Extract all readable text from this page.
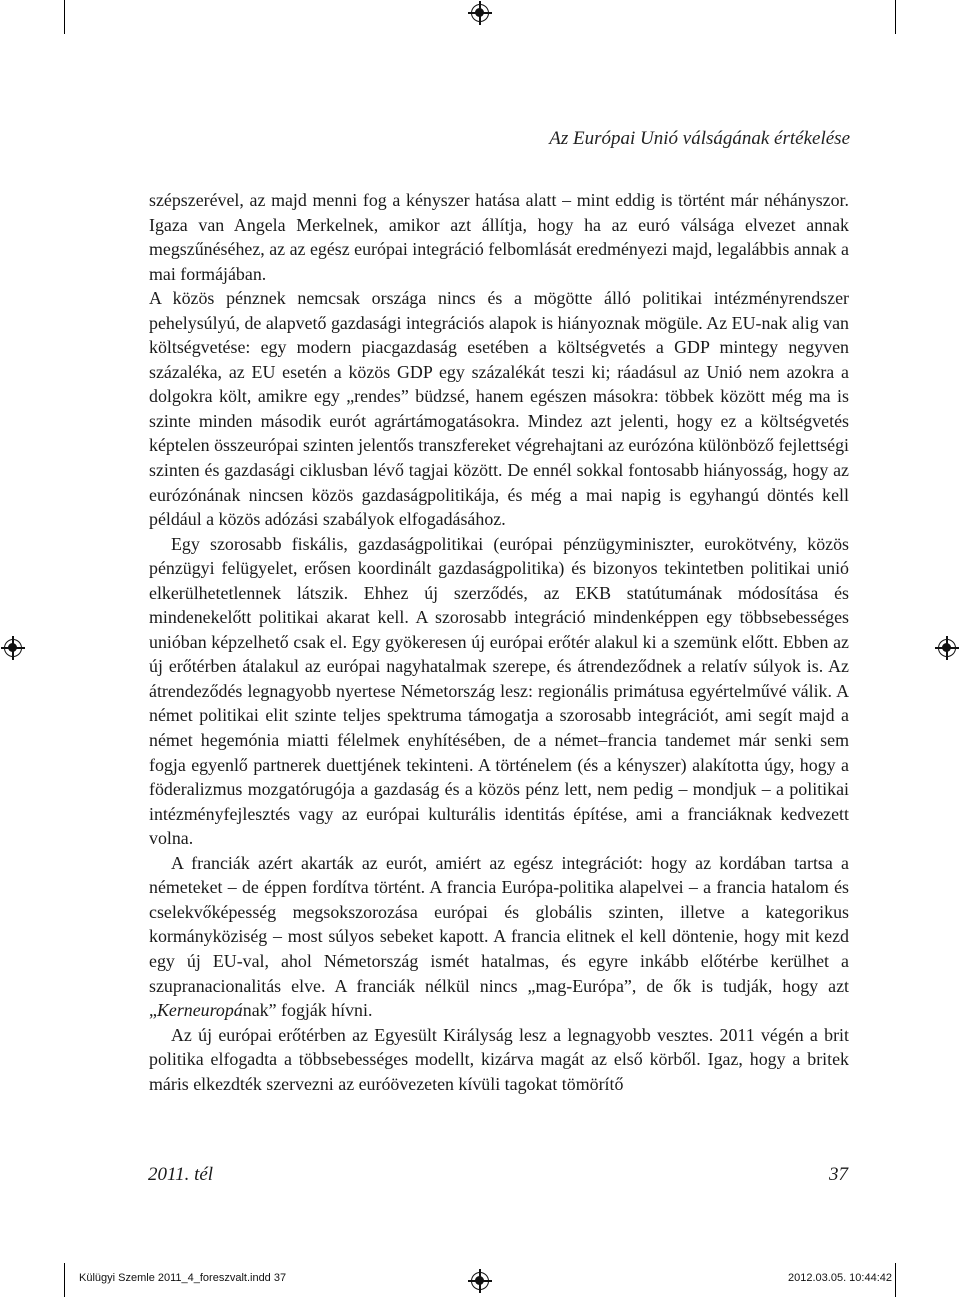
Az Európai Unió válságának értékelése

szépszerével, az majd menni fog a kényszer hatása alatt – mint eddig is történt már néhányszor. Igaza van Angela Merkelnek, amikor azt állítja, hogy ha az euró válsága elvezet annak megszűnéséhez, az az egész európai integráció felbomlását eredményezi majd, legalábbis annak a mai formájában.

A közös pénznek nemcsak országa nincs és a mögötte álló politikai intézményrendszer pehelysúlyú, de alapvető gazdasági integrációs alapok is hiányoznak mögüle. Az EU-nak alig van költségvetése: egy modern piacgazdaság esetében a költségvetés a GDP mintegy negyven százaléka, az EU esetén a közös GDP egy százalékát teszi ki; ráadásul az Unió nem azokra a dolgokra költ, amikre egy „rendes” büdzsé, hanem egészen másokra: többek között még ma is szinte minden második eurót agrártámogatásokra. Mindez azt jelenti, hogy ez a költségvetés képtelen összeurópai szinten jelentős transzfereket végrehajtani az eurózóna különböző fejlettségi szinten és gazdasági ciklusban lévő tagjai között. De ennél sokkal fontosabb hiányosság, hogy az eurózónának nincsen közös gazdaságpolitikája, és még a mai napig is egyhangú döntés kell például a közös adózási szabályok elfogadásához.

Egy szorosabb fiskális, gazdaságpolitikai (európai pénzügyminiszter, eurokötvény, közös pénzügyi felügyelet, erősen koordinált gazdaságpolitika) és bizonyos tekintetben politikai unió elkerülhetetlennek látszik. Ehhez új szerződés, az EKB statútumának módosítása és mindenekelőtt politikai akarat kell. A szorosabb integráció mindenképpen egy többsebességes unióban képzelhető csak el. Egy gyökeresen új európai erőtér alakul ki a szemünk előtt. Ebben az új erőtérben átalakul az európai nagyhatalmak szerepe, és átrendeződnek a relatív súlyok is. Az átrendeződés legnagyobb nyertese Németország lesz: regionális primátusa egyértelművé válik. A német politikai elit szinte teljes spektruma támogatja a szorosabb integrációt, ami segít majd a német hegemónia miatti félelmek enyhítésében, de a német–francia tandemet már senki sem fogja egyenlő partnerek duettjének tekinteni. A történelem (és a kényszer) alakította úgy, hogy a föderalizmus mozgatórugója a gazdaság és a közös pénz lett, nem pedig – mondjuk – a politikai intézményfejlesztés vagy az európai kulturális identitás építése, ami a franciáknak kedvezett volna.

A franciák azért akarták az eurót, amiért az egész integrációt: hogy az kordában tartsa a németeket – de éppen fordítva történt. A francia Európa-politika alapelvei – a francia hatalom és cselekvőképesség megsokszorozása európai és globális szinten, illetve a kategorikus kormányköziség – most súlyos sebeket kapott. A francia elitnek el kell döntenie, hogy mit kezd egy új EU-val, ahol Németország ismét hatalmas, és egyre inkább előtérbe kerülhet a szupranacionalitás elve. A franciák nélkül nincs „mag-Európa”, de ők is tudják, hogy azt „Kerneuropának” fogják hívni.

Az új európai erőtérben az Egyesült Királyság lesz a legnagyobb vesztes. 2011 végén a brit politika elfogadta a többsebességes modellt, kizárva magát az első körből. Igaz, hogy a britek máris elkezdték szervezni az euróövezeten kívüli tagokat tömörítő

2011. tél	37
Külügyi Szemle 2011_4_foreszvalt.indd 37	2012.03.05. 10:44:42
